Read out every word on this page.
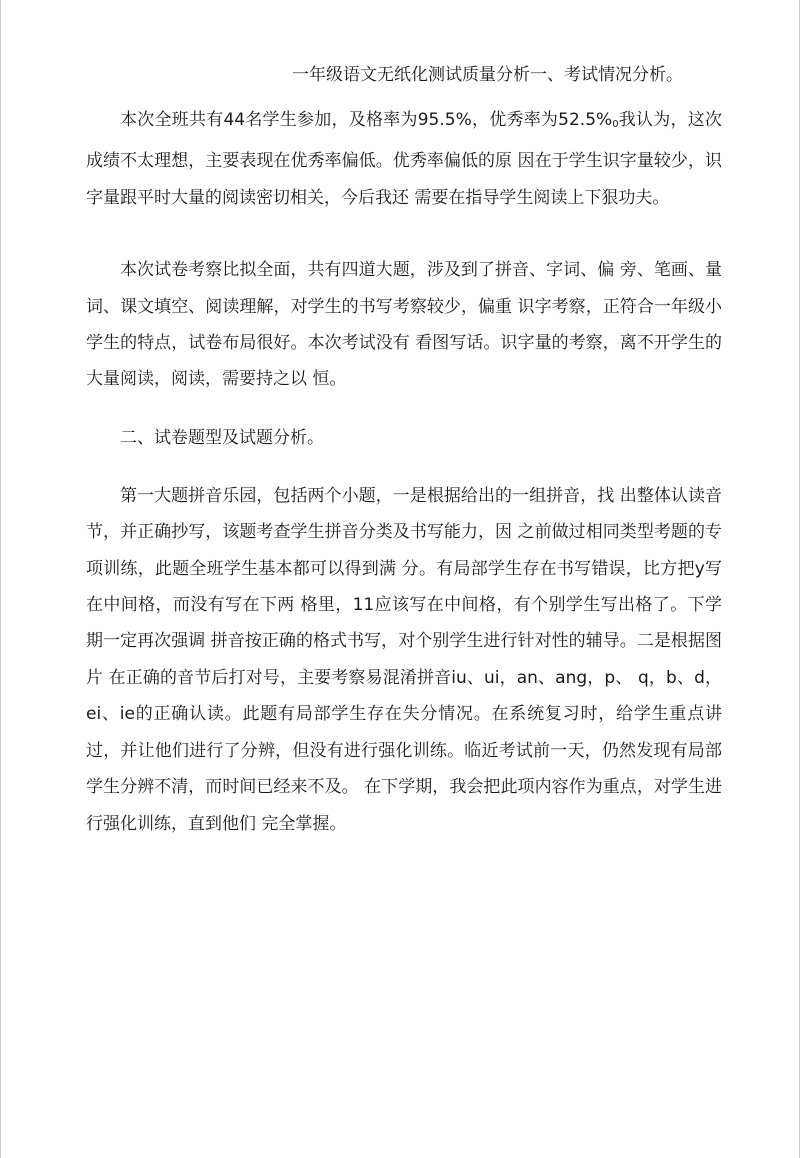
一年级语文无纸化测试质量分析一、考试情况分析。

本次全班共有44名学生参加，及格率为95.5%，优秀率为$52.5\%_0$我认为，这次成绩不太理想，主要表现在优秀率偏低。优秀率偏低的原 因在于学生识字量较少，识字量跟平时大量的阅读密切相关，今后我还 需要在指导学生阅读上下狠功夫。

本次试卷考察比拟全面，共有四道大题，涉及到了拼音、字词、偏 旁、笔画、量词、课文填空、阅读理解，对学生的书写考察较少，偏重 识字考察，正符合一年级小学生的特点，试卷布局很好。本次考试没有 看图写话。识字量的考察，离不开学生的大量阅读，阅读，需要持之以 恒。

二、试卷题型及试题分析。

第一大题拼音乐园，包括两个小题，一是根据给出的一组拼音，找 出整体认读音节，并正确抄写，该题考查学生拼音分类及书写能力，因 之前做过相同类型考题的专项训练，此题全班学生基本都可以得到满 分。有局部学生存在书写错误，比方把y写在中间格，而没有写在下两 格里，11应该写在中间格，有个别学生写出格了。下学期一定再次强调 拼音按正确的格式书写，对个别学生进行针对性的辅导。二是根据图片 在正确的音节后打对号，主要考察易混淆拼音iu、ui，an、ang，p、 q，b、d，ei、ie的正确认读。此题有局部学生存在失分情况。在系统复习时，给学生重点讲过，并让他们进行了分辨，但没有进行强化训练。临近考试前一天，仍然发现有局部学生分辨不清，而时间已经来不及。 在下学期，我会把此项内容作为重点，对学生进行强化训练，直到他们 完全掌握。
